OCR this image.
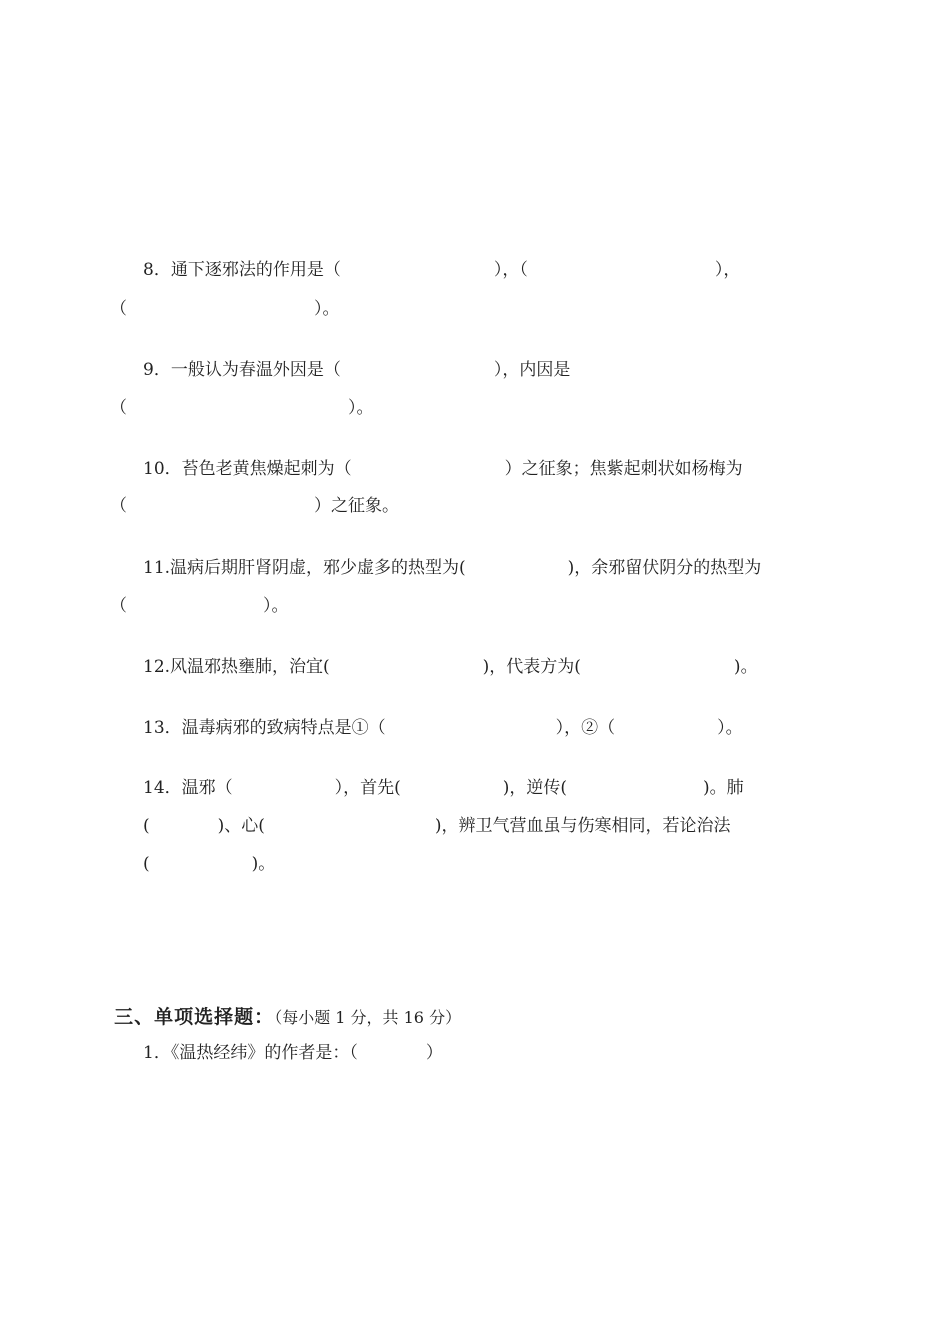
8．通下逐邪法的作用是（　　　　　　　　　），（　　　　　　　　　　　），
（　　　　　　　　　　　）。
9．一般认为春温外因是（　　　　　　　　　），内因是
（　　　　　　　　　　　　　）。
10．苔色老黄焦燥起刺为（　　　　　　　　　）之征象；焦紫起刺状如杨梅为
（　　　　　　　　　　　）之征象。
11.温病后期肝肾阴虚，邪少虚多的热型为(　　　　　　)，余邪留伏阴分的热型为
（　　　　　　　　）。
12.风温邪热壅肺，治宜(　　　　　　　　　)，代表方为(　　　　　　　　　)。
13．温毒病邪的致病特点是①（　　　　　　　　　　），②（　　　　　　）。
14．温邪（　　　　　　），首先(　　　　　　)，逆传(　　　　　　　　)。肺
(　　　　)、心(　　　　　　　　　　)，辨卫气营血虽与伤寒相同，若论治法
(　　　　　　)。

三、单项选择题：（每小题 1 分，共 16 分）

1．《温热经纬》的作者是：（　　　　）
